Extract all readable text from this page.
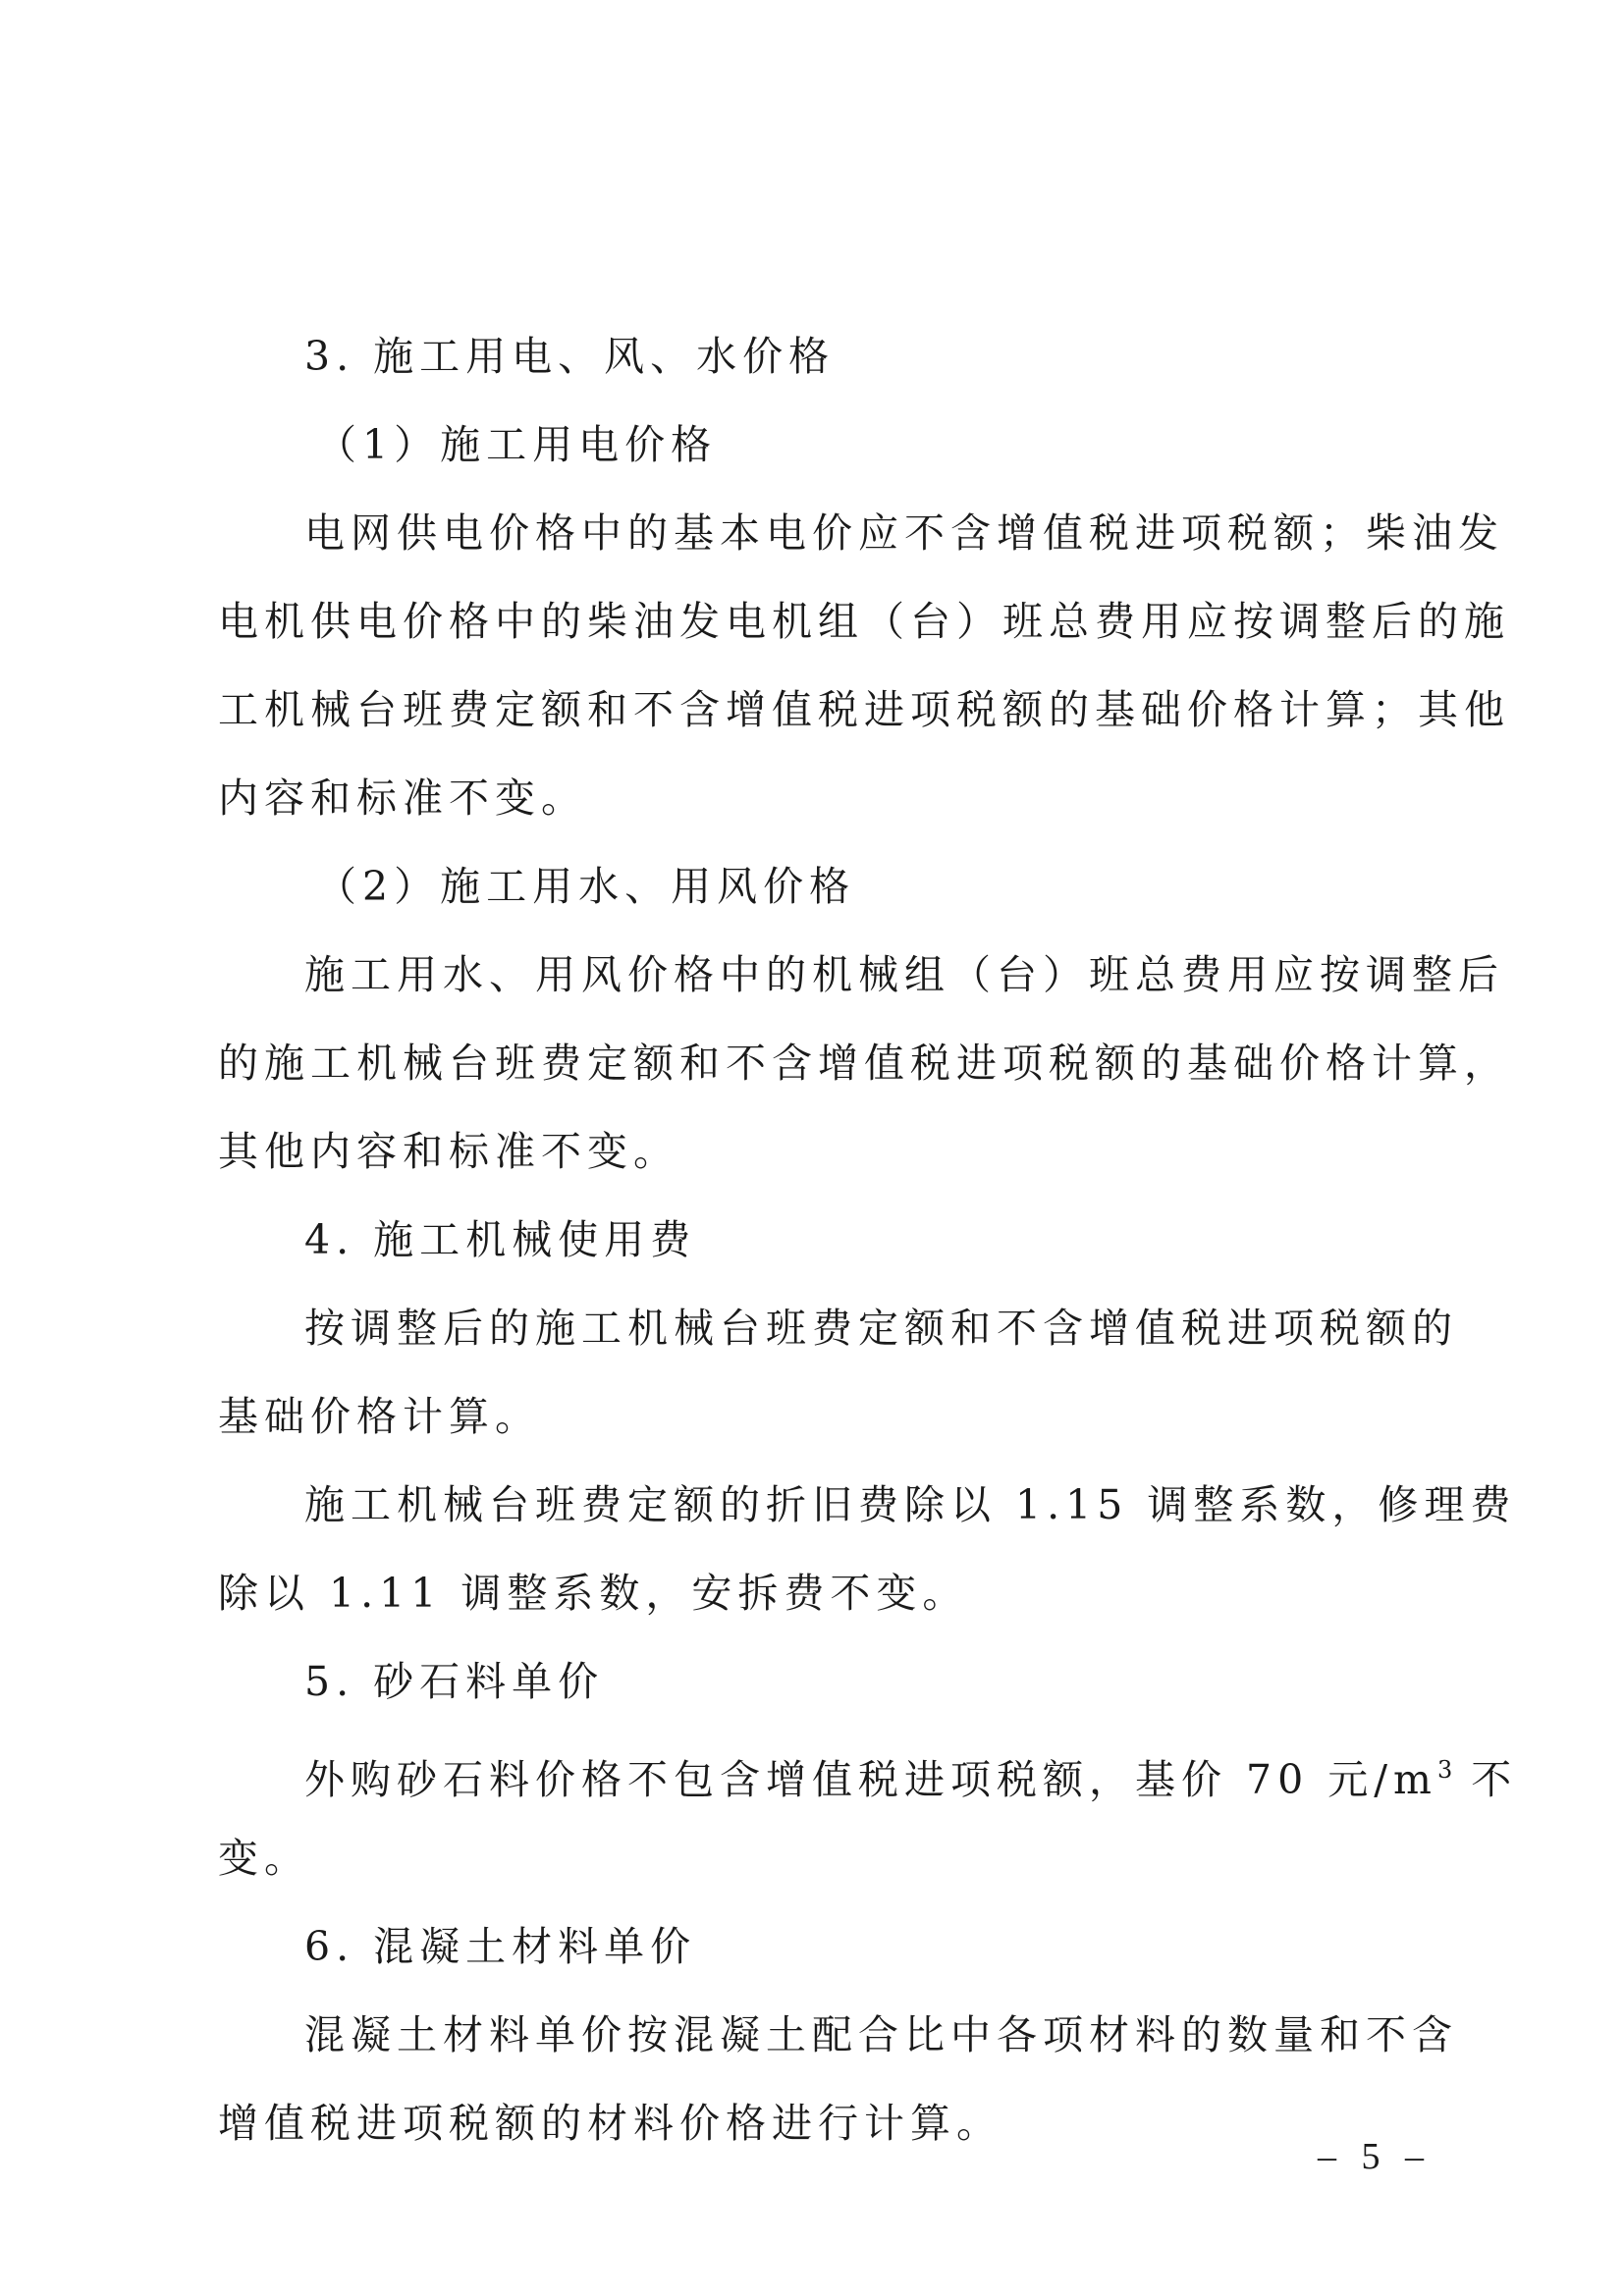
3. 施工用电、风、水价格
（1）施工用电价格
电网供电价格中的基本电价应不含增值税进项税额；柴油发
电机供电价格中的柴油发电机组（台）班总费用应按调整后的施
工机械台班费定额和不含增值税进项税额的基础价格计算；其他
内容和标准不变。
（2）施工用水、用风价格
施工用水、用风价格中的机械组（台）班总费用应按调整后
的施工机械台班费定额和不含增值税进项税额的基础价格计算，
其他内容和标准不变。
4. 施工机械使用费
按调整后的施工机械台班费定额和不含增值税进项税额的
基础价格计算。
施工机械台班费定额的折旧费除以 1.15 调整系数，修理费
除以 1.11 调整系数，安拆费不变。
5. 砂石料单价
外购砂石料价格不包含增值税进项税额，基价 70 元$/m^3$ 不
变。
6. 混凝土材料单价
混凝土材料单价按混凝土配合比中各项材料的数量和不含
增值税进项税额的材料价格进行计算。
– 5 –
